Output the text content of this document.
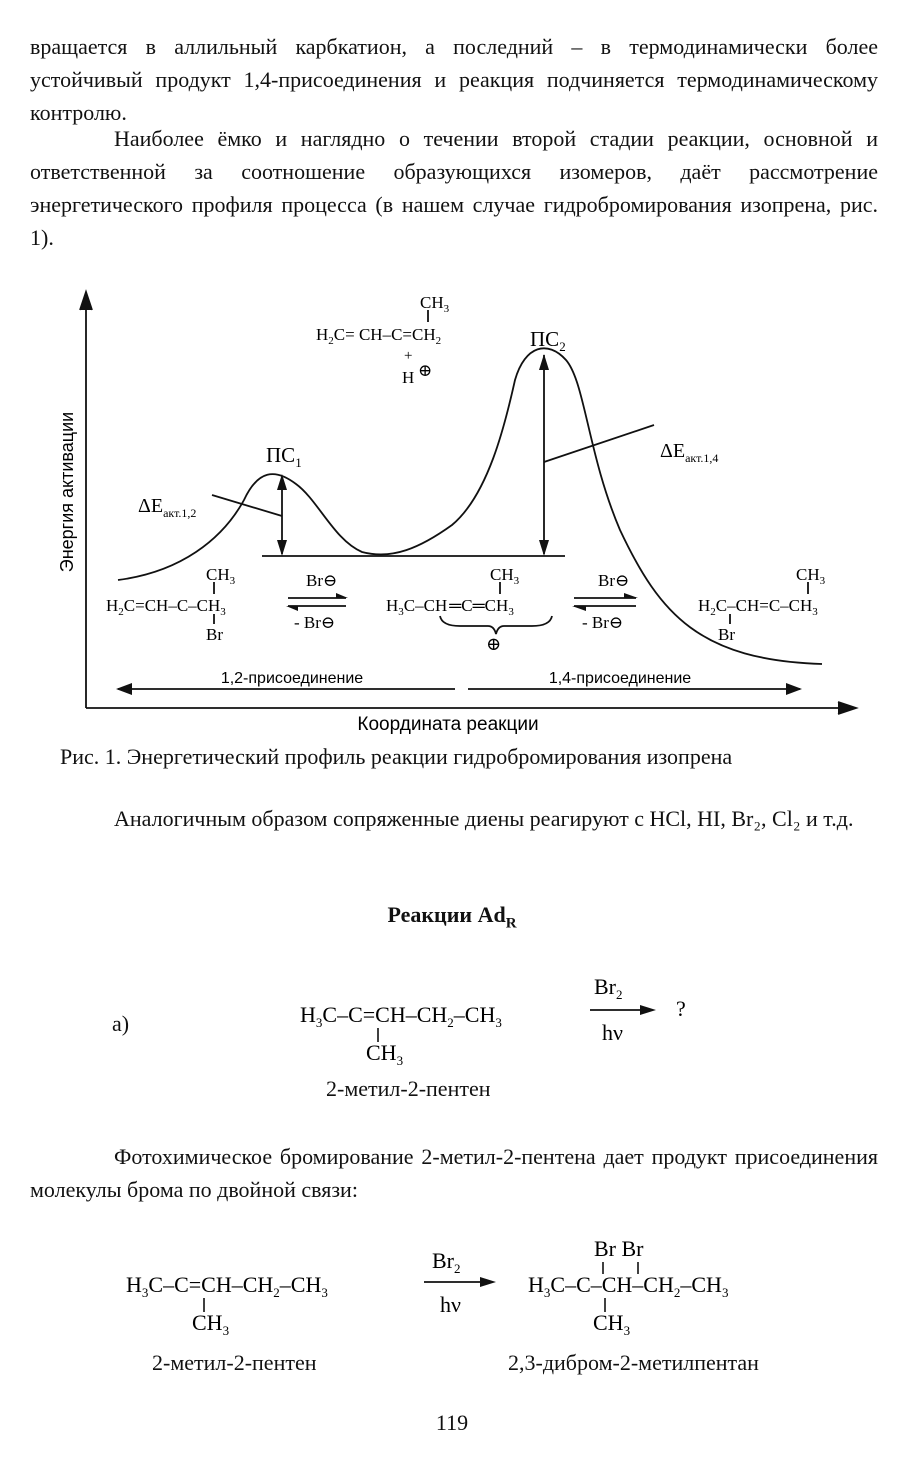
вращается в аллильный карбкатион, а последний – в термодинамически более устойчивый продукт 1,4-присоединения и реакция подчиняется термодинамическому контролю.

Наиболее ёмко и наглядно о течении второй стадии реакции, основной и ответственной за соотношение образующихся изомеров, даёт рассмотрение энергетического профиля процесса (в нашем случае гидробромирования изопрена, рис. 1).

Энергия активации
Координата реакции
$ПС_1$
$ПС_2$
$\Delta E_{акт.1,2}$
$\Delta E_{акт.1,4}$
$CH_3$
$H_2C= CH-C=CH_2$
+
H ⊕
$CH_3$
$H_2C=CH-C-CH_3$
Br
Br⊖
- Br⊖
$CH_3$
$H_3C-CH$ $═C═CH_3$
⊕
Br⊖
- Br⊖
$CH_3$
$H_2C-CH=C-CH_3$
Br
1,2-присоединение	1,4-присоединение
Рис. 1. Энергетический профиль реакции гидробромирования изопрена

Аналогичным образом сопряженные диены реагируют с HCl, HI, Br₂, Cl₂ и т.д.

Реакции $Ad_R$
а)	$H_3C-C=CH-CH_2-CH_3$
$CH_3$
$Br_2$
hν
?
2-метил-2-пентен

Фотохимическое бромирование 2-метил-2-пентена дает продукт присоединения молекулы брома по двойной связи:

$H_3C-C=CH-CH_2-CH_3$
$CH_3$
$Br_2$
hν
Br Br
$H_3C-C-CH-CH_2-CH_3$
$CH_3$
2-метил-2-пентен	2,3-дибром-2-метилпентан
119
